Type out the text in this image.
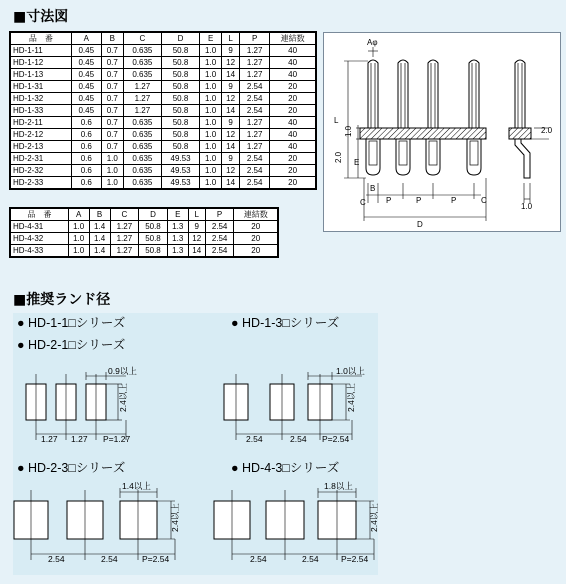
■寸法図
■推奨ランド径
品　番	A	B	C	D	E	L	P	連結数
HD-1-11	0.45	0.7	0.635	50.8	1.0	9	1.27	40
HD-1-12	0.45	0.7	0.635	50.8	1.0	12	1.27	40
HD-1-13	0.45	0.7	0.635	50.8	1.0	14	1.27	40
HD-1-31	0.45	0.7	1.27	50.8	1.0	9	2.54	20
HD-1-32	0.45	0.7	1.27	50.8	1.0	12	2.54	20
HD-1-33	0.45	0.7	1.27	50.8	1.0	14	2.54	20
HD-2-11	0.6	0.7	0.635	50.8	1.0	9	1.27	40
HD-2-12	0.6	0.7	0.635	50.8	1.0	12	1.27	40
HD-2-13	0.6	0.7	0.635	50.8	1.0	14	1.27	40
HD-2-31	0.6	1.0	0.635	49.53	1.0	9	2.54	20
HD-2-32	0.6	1.0	0.635	49.53	1.0	12	2.54	20
HD-2-33	0.6	1.0	0.635	49.53	1.0	14	2.54	20
品　番	A	B	C	D	E	L	P	連結数
HD-4-31	1.0	1.4	1.27	50.8	1.3	9	2.54	20
HD-4-32	1.0	1.4	1.27	50.8	1.3	12	2.54	20
HD-4-33	1.0	1.4	1.27	50.8	1.3	14	2.54	20
Aφ
L
2.0 E
1.0
B
C	P	P	P	C
D
2.0
1.0
● HD-1-1□シリーズ	● HD-1-3□シリーズ
● HD-2-1□シリーズ
● HD-2-3□シリーズ	● HD-4-3□シリーズ
0.9以上
2.4以上
1.27 1.27 P=1.27
1.0以上
2.4以上
2.54	2.54 P=2.54
1.4以上
2.4以上
2.54	2.54	P=2.54
1.8以上
2.4以上
2.54	2.54	P=2.54
